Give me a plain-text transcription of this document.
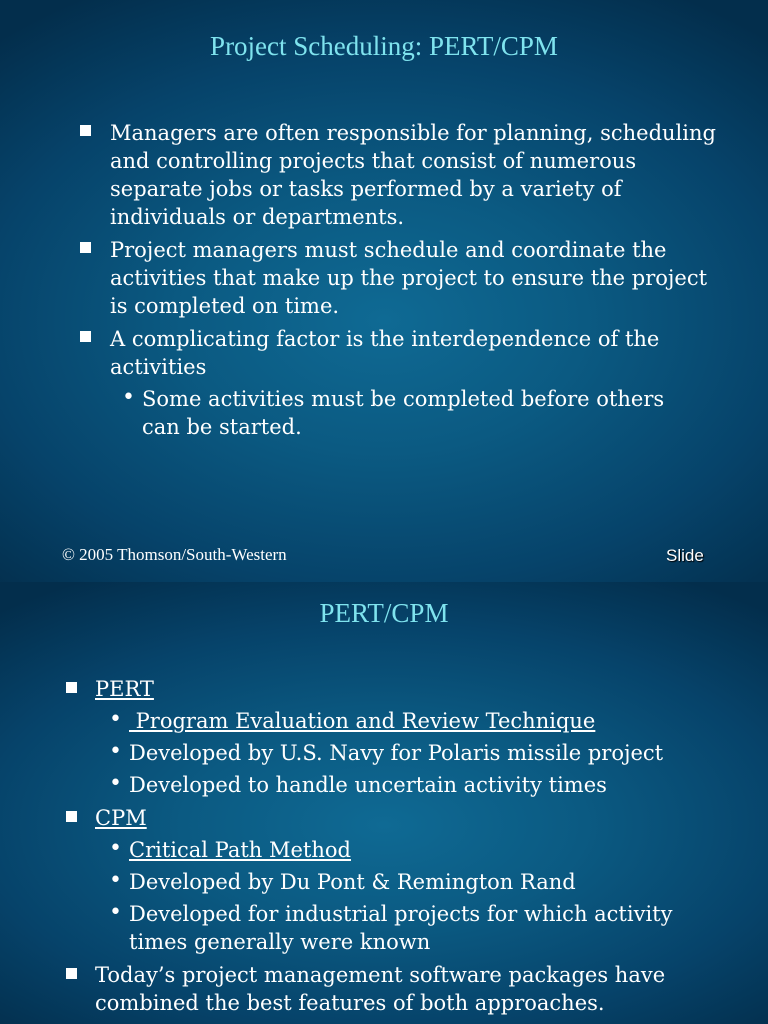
Project Scheduling: PERT/CPM
Managers are often responsible for planning, scheduling and controlling projects that consist of numerous separate jobs or tasks performed by a variety of individuals or departments.
Project managers must schedule and coordinate the activities that make up the project to ensure the project is completed on time.
A complicating factor is the interdependence of the activities
• Some activities must be completed before others can be started.
© 2005 Thomson/South-Western	Slide
PERT/CPM
PERT
• Program Evaluation and Review Technique
• Developed by U.S. Navy for Polaris missile project
• Developed to handle uncertain activity times
CPM
• Critical Path Method
• Developed by Du Pont & Remington Rand
• Developed for industrial projects for which activity times generally were known
Today’s project management software packages have combined the best features of both approaches.
